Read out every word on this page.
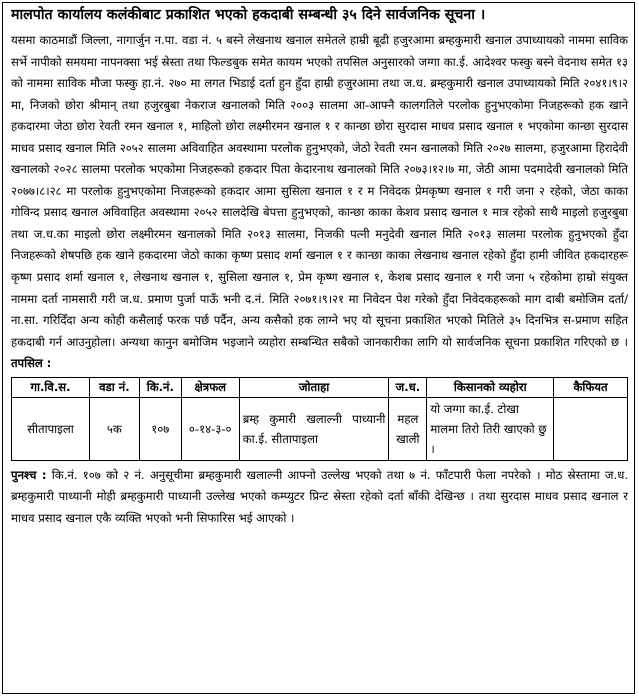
मालपोत कार्यालय कलंकीबाट प्रकाशित भएको हकदाबी सम्बन्धी ३५ दिने सार्वजनिक सूचना ।

यसमा काठमाडौं जिल्ला, नागार्जुन न.पा. वडा नं. ५ बस्ने लेखनाथ खनाल समेतले हाम्री बूढी हजुरआमा ब्रम्हकुमारी खनाल उपाध्यायको नाममा साविक सर्भे नापीको समयमा नापनक्सा भई स्रेस्ता तथा फिल्डबुक समेत कायम भएको तपसिल अनुसारको जग्गा का.ई. आदेश्वर फस्कु बस्ने वेदनाथ समेत १३ को नाममा साविक मौजा फस्कु हा.नं. २७० मा लगत भिडाई दर्ता हुन हुँदा हाम्री हजुरआमा तथा ज.ध. ब्रम्हकुमारी खनाल उपाध्यायको मिति २०४१।९।२ मा, निजको छोरा श्रीमान् तथा हजुरबुबा नेकराज खनालको मिति २००३ सालमा आ-आफ्नै कालगतिले परलोक हुनुभएकोमा निजहरूको हक खाने हकदारमा जेठा छोरा रेवती रमन खनाल १, माहिलो छोरा लक्ष्मीरमन खनाल १ र कान्छा छोरा सुरदास माधव प्रसाद खनाल १ भएकोमा कान्छा सुरदास माधव प्रसाद खनाल मिति २०५२ सालमा अविवाहित अवस्थामा परलोक हुनुभएको, जेठो रेवती रमन खनालको मिति २०२७ सालमा, हजुरआमा हिरादेवी खनालको २०२८ सालमा परलोक भएकोमा निजहरूको हकदार पिता केदारनाथ खनालको मिति २०७३।१२।७ मा, जेठी आमा पदमादेवी खनालको मिति २०७७।८।२८ मा परलोक हुनुभएकोमा निजहरूको हकदार आमा सुसिला खनाल १ र म निवेदक प्रेमकृष्ण खनाल १ गरी जना २ रहेको, जेठा काका गोविन्द प्रसाद खनाल अविवाहित अवस्थामा २०५२ सालदेखि बेपत्ता हुनुभएको, कान्छा काका केशव प्रसाद खनाल १ मात्र रहेको साथै माइलो हजुरबुबा तथा ज.ध.का माइलो छोरा लक्ष्मीरमन खनालको मिति २०१३ सालमा, निजकी पत्नी मनुदेवी खनाल मिति २०१३ सालमा परलोक हुनुभएको हुँदा निजहरूको शेषपछि हक खाने हकदारमा जेठो काका कृष्ण प्रसाद शर्मा खनाल १ र कान्छा काका लेखनाथ खनाल रहेको हुँदा हामी जीवित हकदारहरू कृष्ण प्रसाद शर्मा खनाल १, लेखनाथ खनाल १, सुसिला खनाल १, प्रेम कृष्ण खनाल १, केशब प्रसाद खनाल १ गरी जना ५ रहेकोमा हाम्रो संयुक्त नाममा दर्ता नामसारी गरी ज.ध. प्रमाण पुर्जा पाऊँ भनी द.नं. मिति २०७१।९।२१ मा निवेदन पेश गरेको हुँदा निवेदकहरूको माग दाबी बमोजिम दर्ता/ना.सा. गरिदिँदा अन्य कोही कसैलाई फरक पर्छ पर्दैन, अन्य कसैको हक लाग्ने भए यो सूचना प्रकाशित भएको मितिले ३५ दिनभित्र स-प्रमाण सहित हकदाबी गर्न आउनुहोला। अन्यथा कानुन बमोजिम भइजाने व्यहोरा सम्बन्धित सबैको जानकारीका लागि यो सार्वजनिक सूचना प्रकाशित गरिएको छ । तपसिल :

गा.वि.स.	वडा नं.	कि.नं.	क्षेत्रफल	जोताहा	ज.ध.	किसानको व्यहोरा	कैफियत
सीतापाइला	५क	१०७	०-१४-३-०	ब्रम्ह कुमारी खलाल्नी पाध्यानी का.ई. सीतापाइला	महल खाली	यो जग्गा का.ई. टोखा मालमा तिरो तिरी खाएको छु ।	

पुनश्च : कि.नं. १०७ को २ नं. अनुसूचीमा ब्रम्हकुमारी खलाल्नी आफ्नो उल्लेख भएको तथा ७ नं. फाँटपारी फेला नपरेको । मोठ स्रेस्तामा ज.ध. ब्रम्हकुमारी पाध्यानी मोही ब्रम्हकुमारी पाध्यानी उल्लेख भएको कम्प्युटर प्रिन्ट स्रेस्ता रहेको दर्ता बाँकी देखिन्छ । तथा सुरदास माधव प्रसाद खनाल र माधव प्रसाद खनाल एकै व्यक्ति भएको भनी सिफारिस भई आएको ।
